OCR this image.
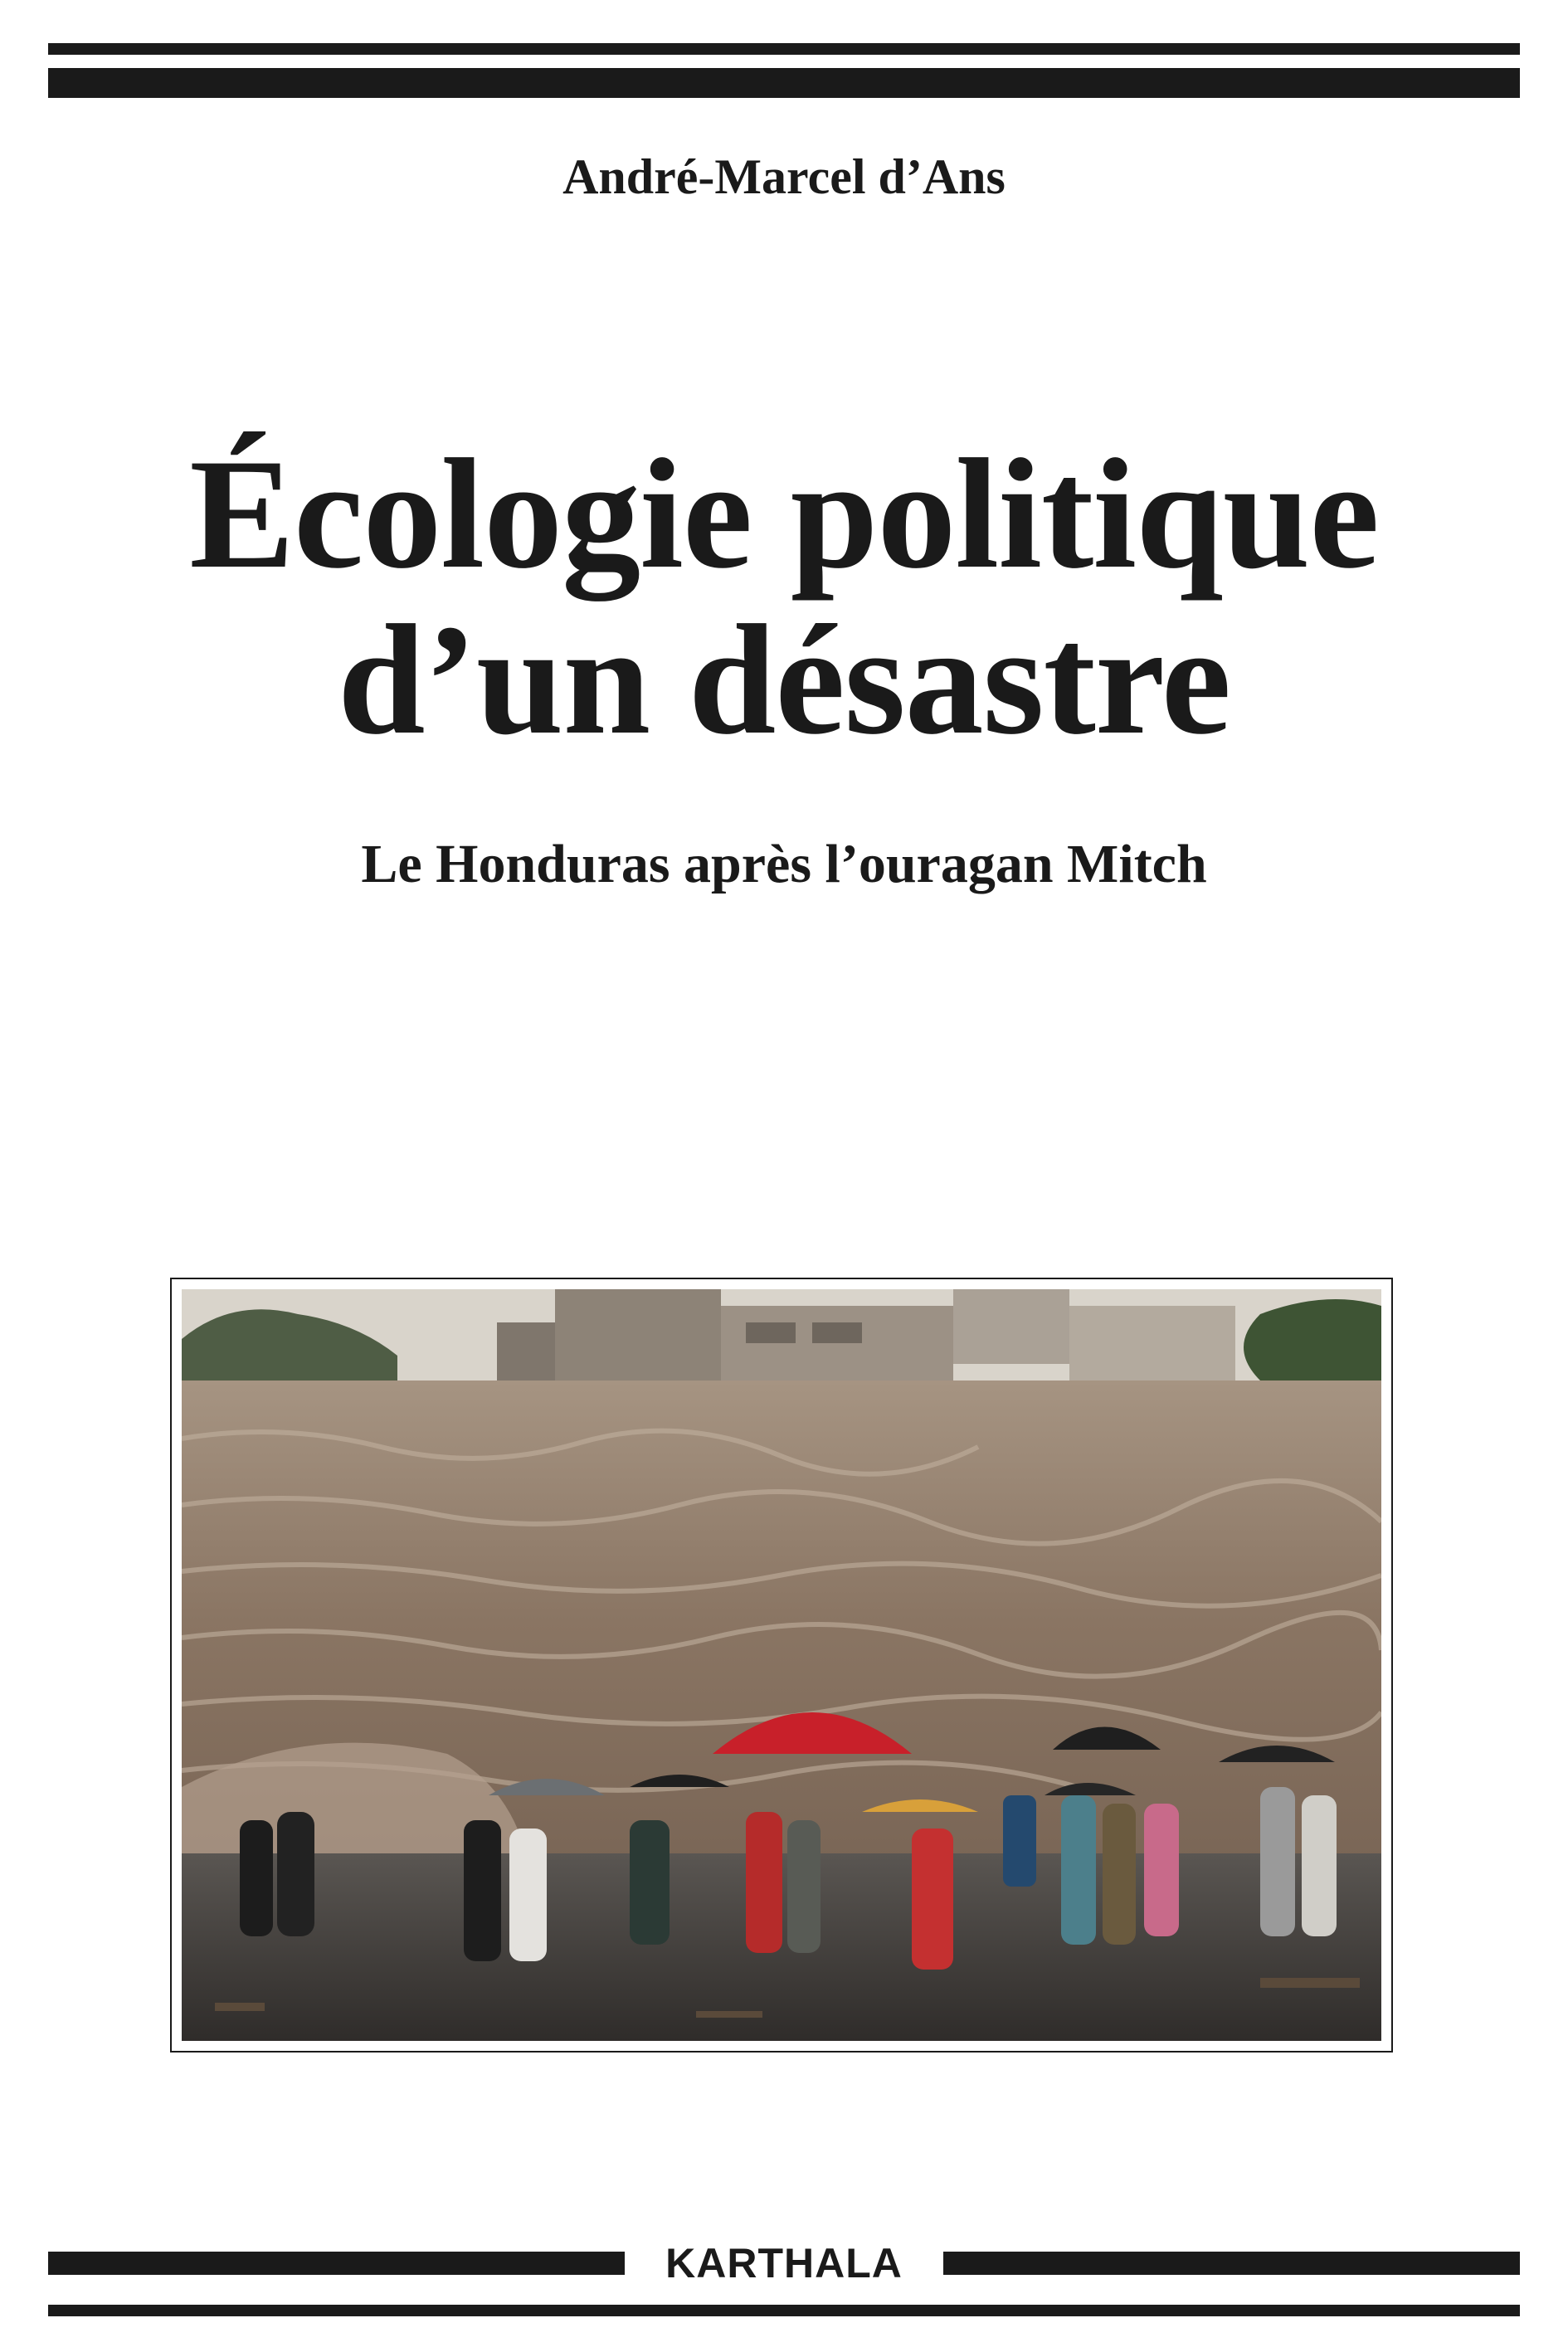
André-Marcel d’Ans
Écologie politique
d’un désastre
Le Honduras après l’ouragan Mitch
KARTHALA
